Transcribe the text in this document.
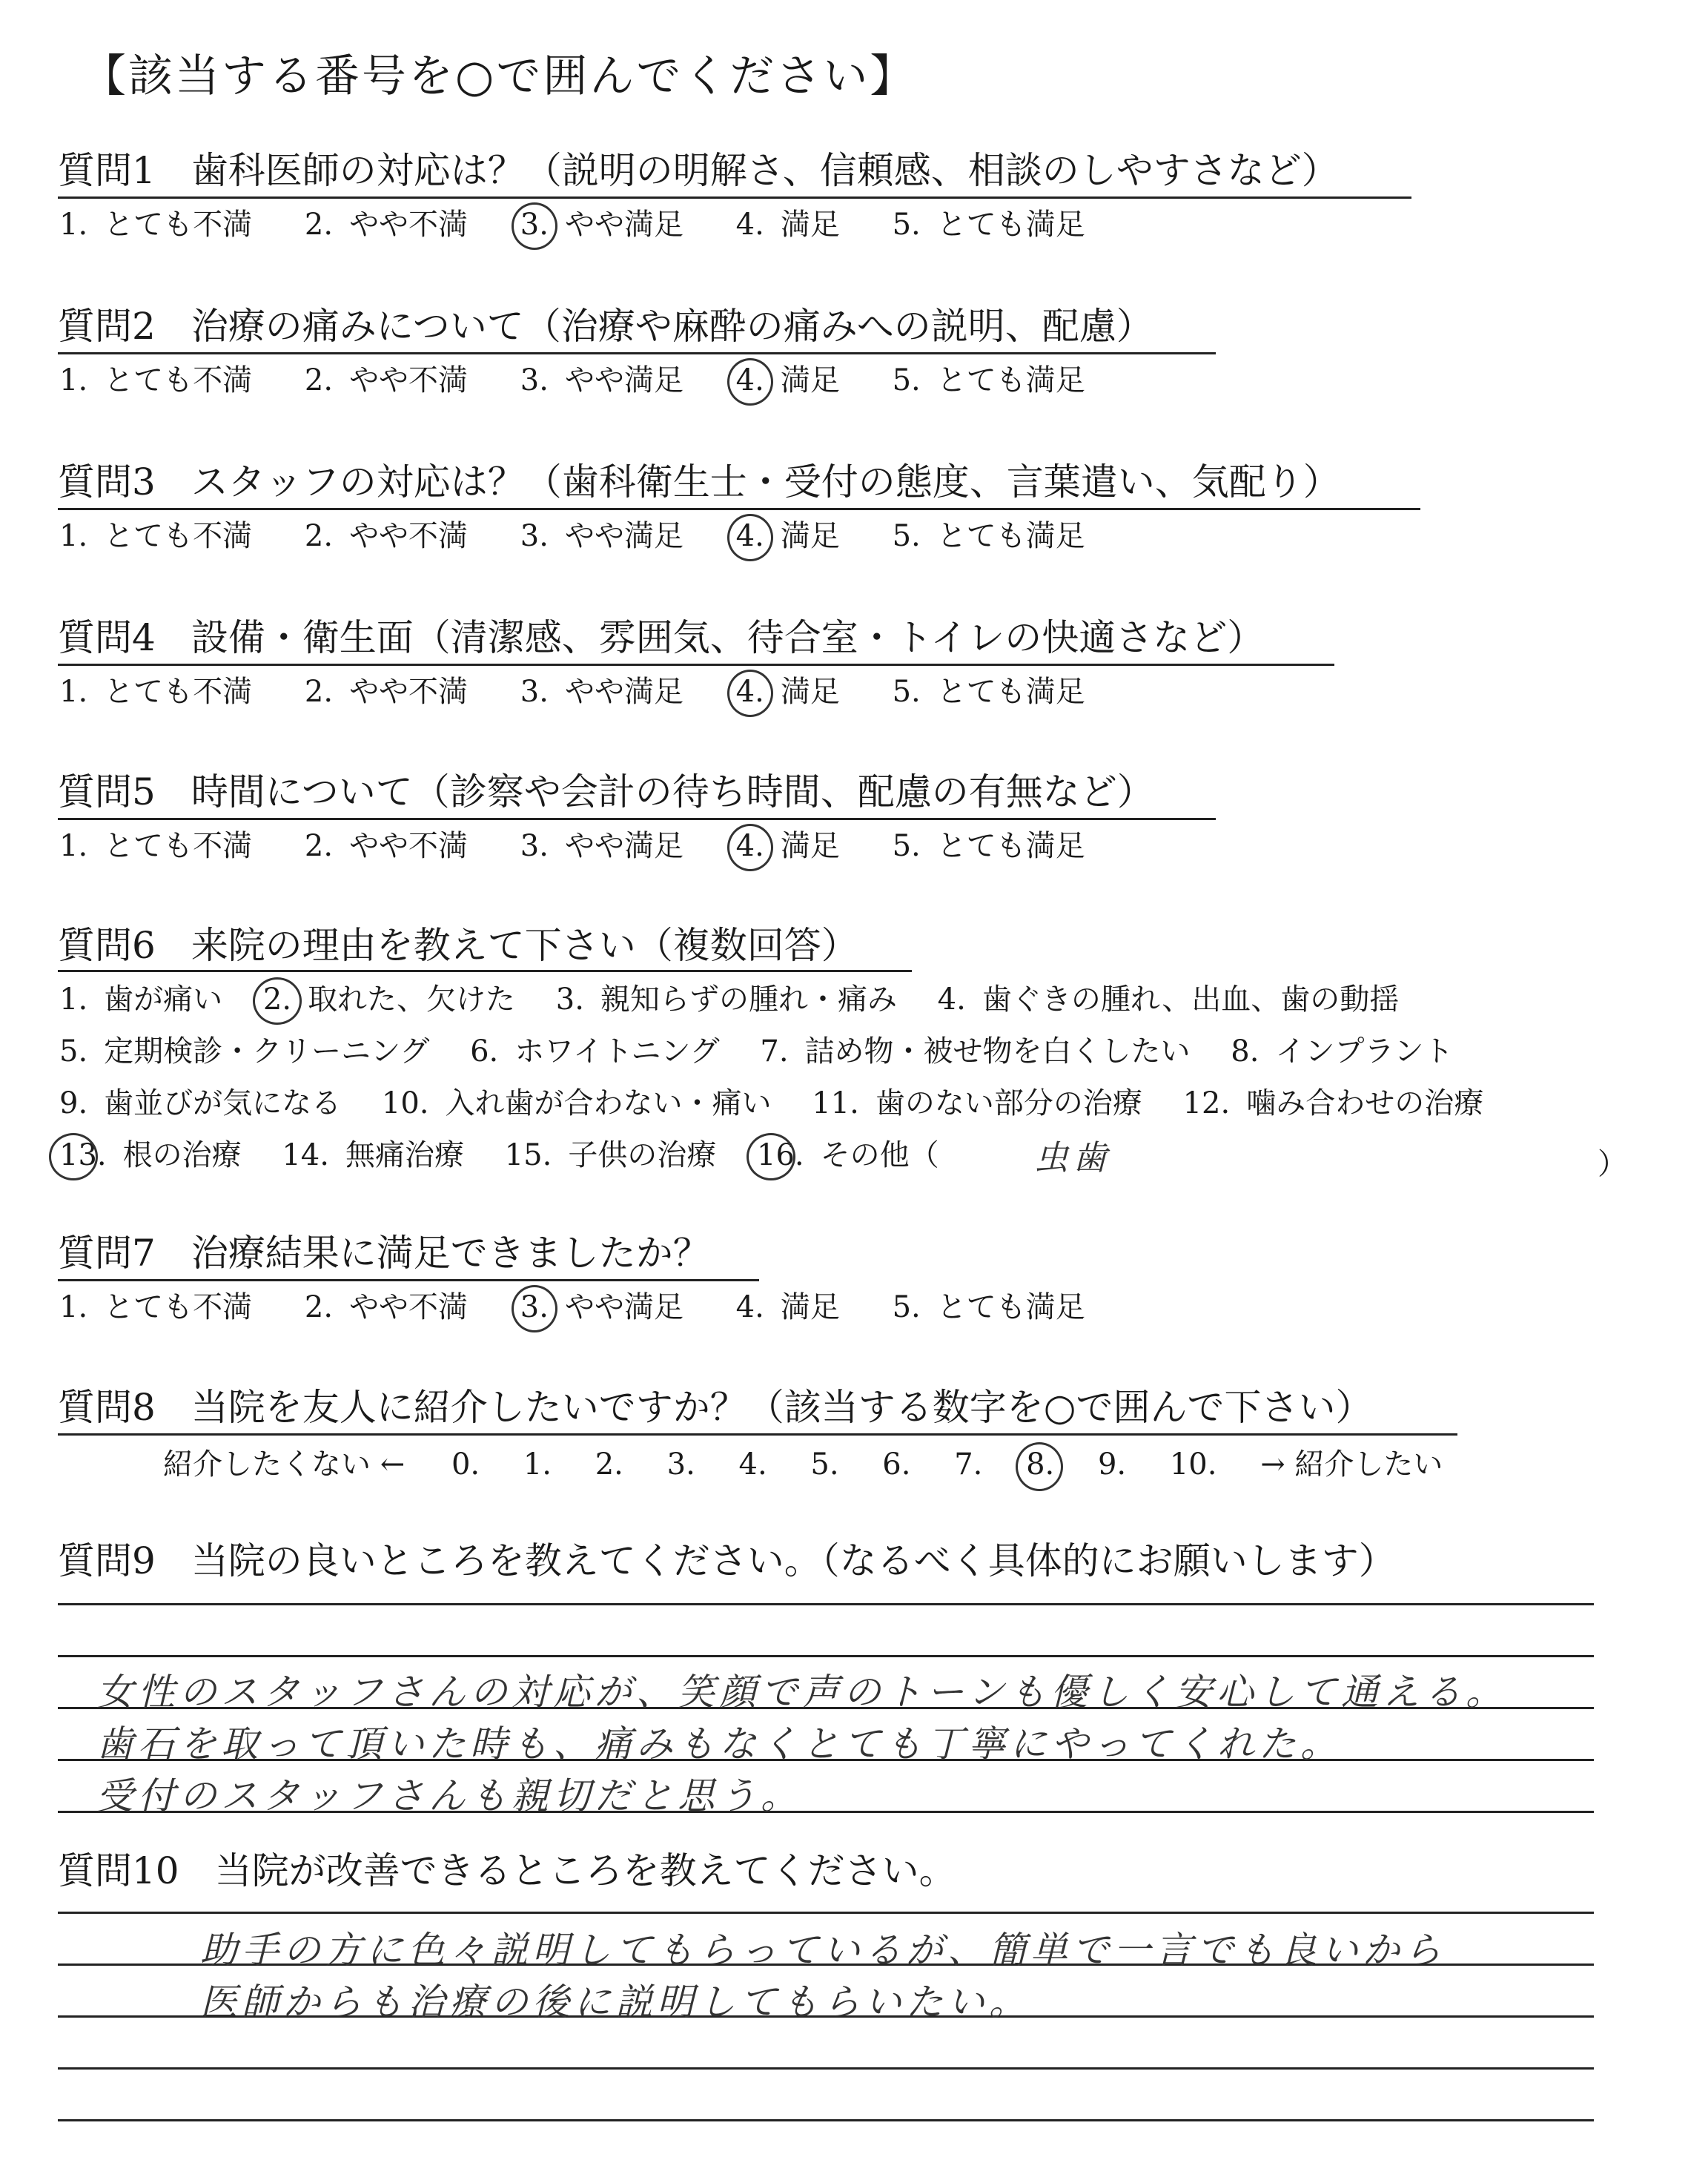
【該当する番号を○で囲んでください】
質問1 歯科医師の対応は？（説明の明解さ、信頼感、相談のしやすさなど）
1. とても不満 2. やや不満 3. やや満足 4. 満足 5. とても満足
質問2 治療の痛みについて（治療や麻酔の痛みへの説明、配慮）
1. とても不満 2. やや不満 3. やや満足 4. 満足 5. とても満足
質問3 スタッフの対応は？（歯科衛生士・受付の態度、言葉遣い、気配り）
1. とても不満 2. やや不満 3. やや満足 4. 満足 5. とても満足
質問4 設備・衛生面（清潔感、雰囲気、待合室・トイレの快適さなど）
1. とても不満 2. やや不満 3. やや満足 4. 満足 5. とても満足
質問5 時間について（診察や会計の待ち時間、配慮の有無など）
1. とても不満 2. やや不満 3. やや満足 4. 満足 5. とても満足
質問6 来院の理由を教えて下さい（複数回答）
1. 歯が痛い 2. 取れた、欠けた 3. 親知らずの腫れ・痛み 4. 歯ぐきの腫れ、出血、歯の動揺
5. 定期検診・クリーニング 6. ホワイトニング 7. 詰め物・被せ物を白くしたい 8. インプラント
9. 歯並びが気になる 10. 入れ歯が合わない・痛い 11. 歯のない部分の治療 12. 噛み合わせの治療
13. 根の治療 14. 無痛治療 15. 子供の治療 16. その他（	虫歯	）
質問7 治療結果に満足できましたか？
1. とても不満 2. やや不満 3. やや満足 4. 満足 5. とても満足
質問8 当院を友人に紹介したいですか？（該当する数字を○で囲んで下さい）
紹介したくない ← 0. 1. 2. 3. 4. 5. 6. 7. 8. 9. 10. → 紹介したい
質問9 当院の良いところを教えてください。（なるべく具体的にお願いします）
女性のスタッフさんの対応が、笑顔で声のトーンも優しく安心して通える。
歯石を取って頂いた時も、痛みもなくとても丁寧にやってくれた。
受付のスタッフさんも親切だと思う。
質問10 当院が改善できるところを教えてください。
助手の方に色々説明してもらっているが、簡単で一言でも良いから
医師からも治療の後に説明してもらいたい。
